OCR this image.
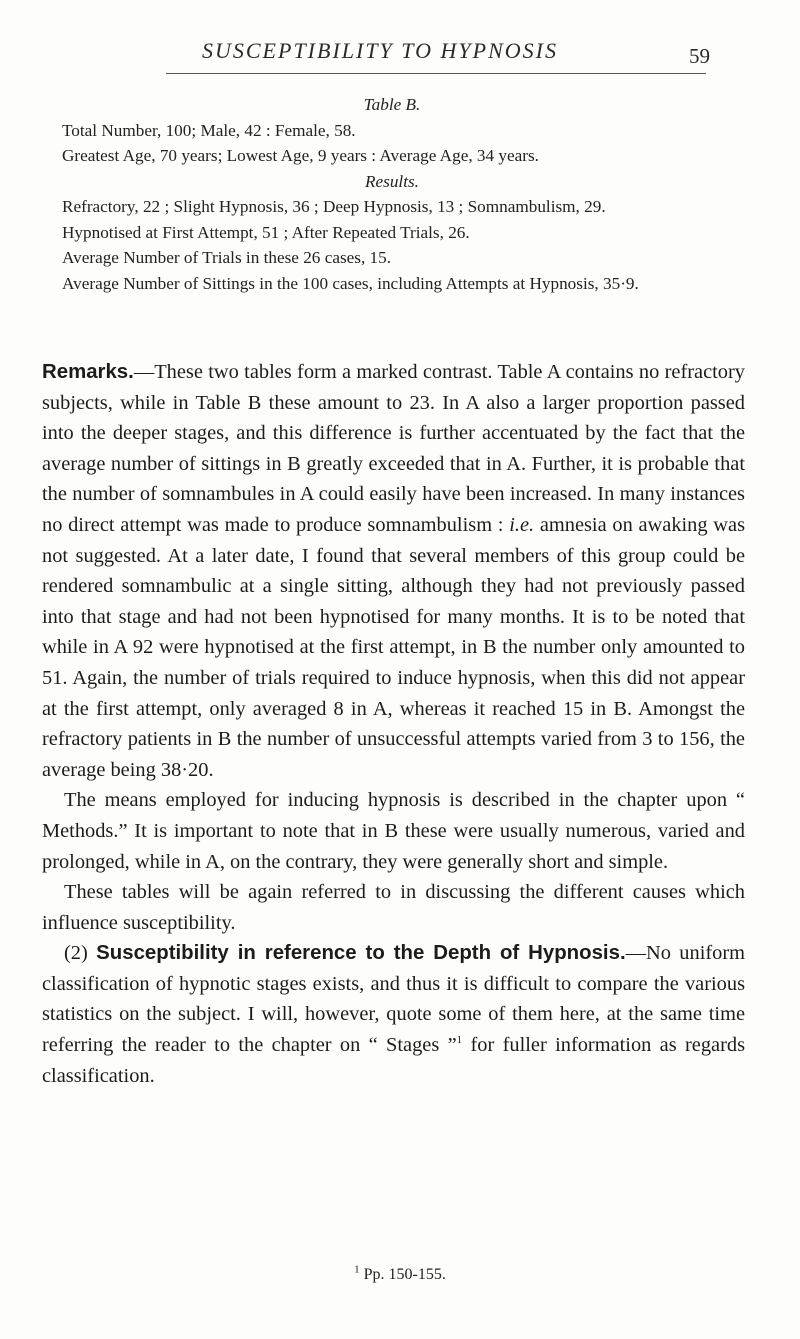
SUSCEPTIBILITY TO HYPNOSIS	59

Table B.

Total Number, 100; Male, 42 : Female, 58.

Greatest Age, 70 years; Lowest Age, 9 years : Average Age, 34 years.

Results.

Refractory, 22 ; Slight Hypnosis, 36 ; Deep Hypnosis, 13 ; Somnambulism, 29.

Hypnotised at First Attempt, 51 ; After Repeated Trials, 26.

Average Number of Trials in these 26 cases, 15.

Average Number of Sittings in the 100 cases, including Attempts at Hypnosis, 35·9.

Remarks.—These two tables form a marked contrast. Table A contains no refractory subjects, while in Table B these amount to 23. In A also a larger proportion passed into the deeper stages, and this difference is further accentuated by the fact that the average number of sittings in B greatly exceeded that in A. Further, it is probable that the number of somnambules in A could easily have been increased. In many instances no direct attempt was made to produce somnambulism : i.e. amnesia on awaking was not suggested. At a later date, I found that several members of this group could be rendered somnambulic at a single sitting, although they had not previously passed into that stage and had not been hypnotised for many months. It is to be noted that while in A 92 were hypnotised at the first attempt, in B the number only amounted to 51. Again, the number of trials required to induce hypnosis, when this did not appear at the first attempt, only averaged 8 in A, whereas it reached 15 in B. Amongst the refractory patients in B the number of unsuccessful attempts varied from 3 to 156, the average being 38·20.

The means employed for inducing hypnosis is described in the chapter upon “ Methods.” It is important to note that in B these were usually numerous, varied and prolonged, while in A, on the contrary, they were generally short and simple.

These tables will be again referred to in discussing the different causes which influence susceptibility.

(2) Susceptibility in reference to the Depth of Hypnosis.—No uniform classification of hypnotic stages exists, and thus it is difficult to compare the various statistics on the subject. I will, however, quote some of them here, at the same time referring the reader to the chapter on “ Stages ”$^1$ for fuller information as regards classification.

$^1$ Pp. 150-155.
